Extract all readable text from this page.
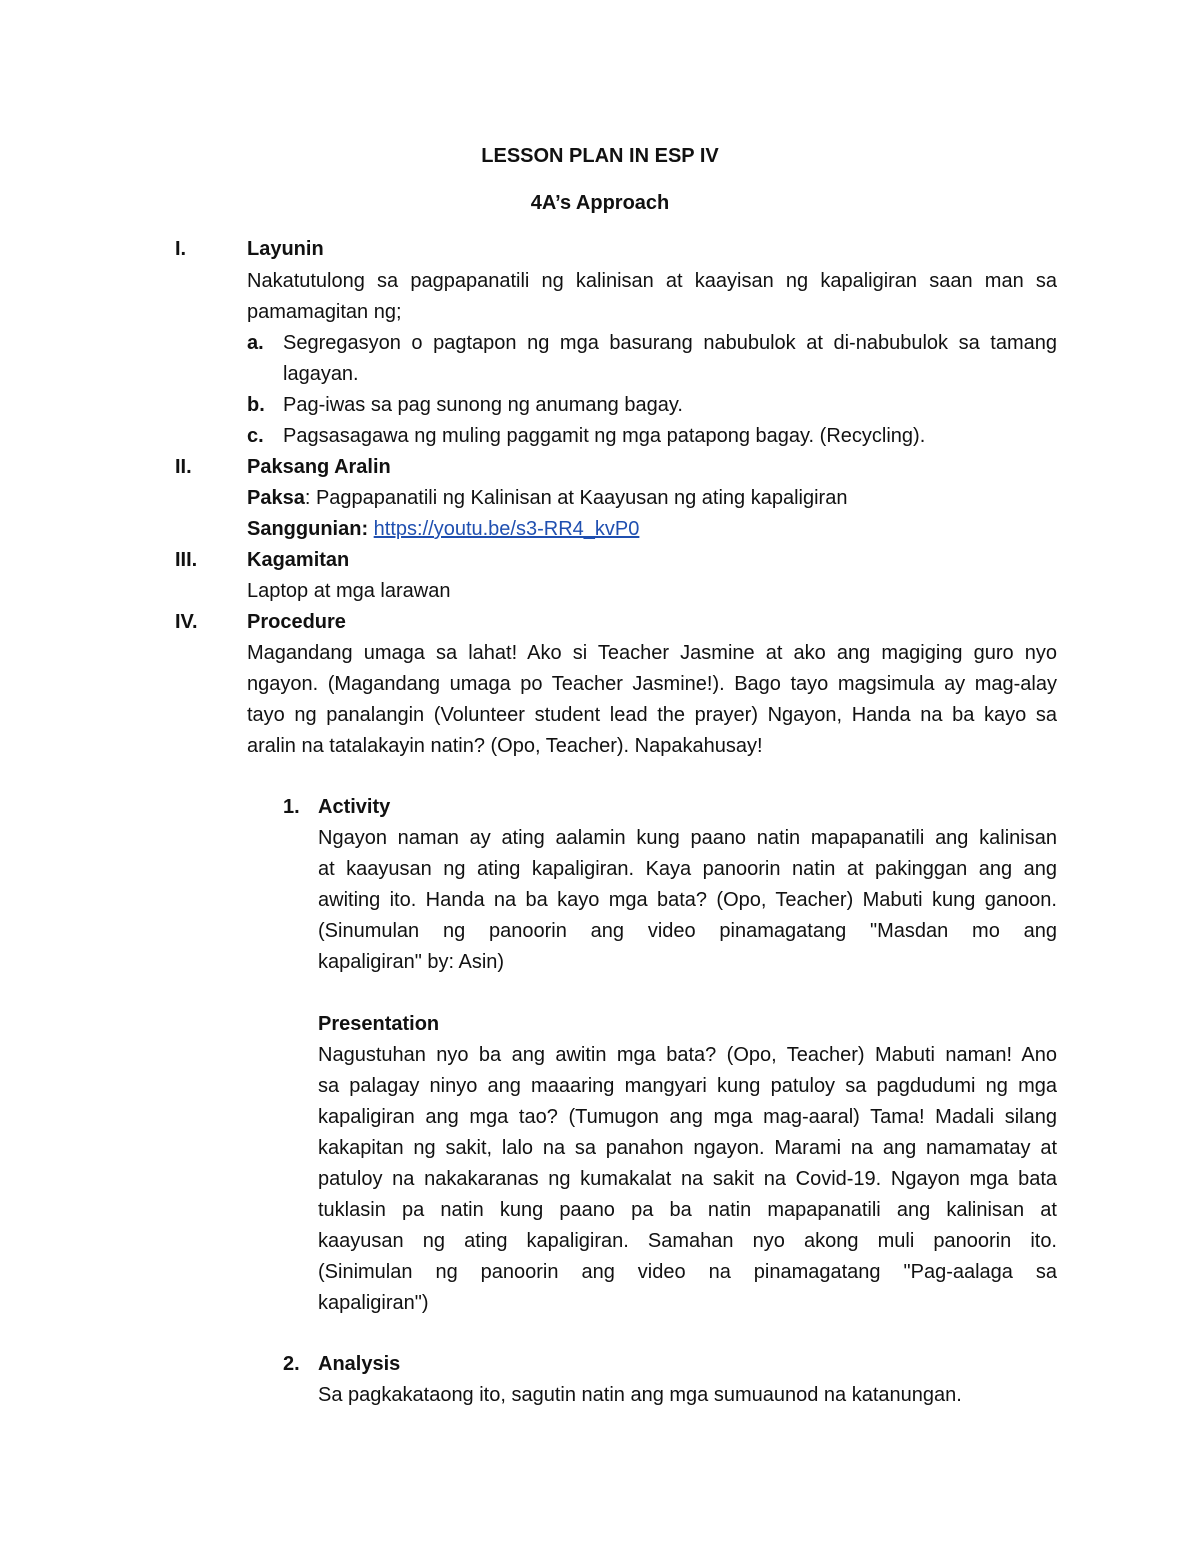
LESSON PLAN IN ESP IV
4A’s Approach
I.	Layunin
Nakatutulong sa pagpapanatili ng kalinisan at kaayisan ng kapaligiran saan man sa
pamamagitan ng;
a. Segregasyon o pagtapon ng mga basurang nabubulok at di-nabubulok sa tamang
lagayan.
b. Pag-iwas sa pag sunong ng anumang bagay.
c. Pagsasagawa ng muling paggamit ng mga patapong bagay. (Recycling).
II.	Paksang Aralin
Paksa: Pagpapanatili ng Kalinisan at Kaayusan ng ating kapaligiran
Sanggunian: https://youtu.be/s3-RR4_kvP0
III. Kagamitan
Laptop at mga larawan
IV. Procedure
Magandang umaga sa lahat! Ako si Teacher Jasmine at ako ang magiging guro nyo
ngayon. (Magandang umaga po Teacher Jasmine!). Bago tayo magsimula ay mag-alay
tayo ng panalangin (Volunteer student lead the prayer) Ngayon, Handa na ba kayo sa
aralin na tatalakayin natin? (Opo, Teacher). Napakahusay!
1. Activity
Ngayon naman ay ating aalamin kung paano natin mapapanatili ang kalinisan
at kaayusan ng ating kapaligiran. Kaya panoorin natin at pakinggan ang ang
awiting ito. Handa na ba kayo mga bata? (Opo, Teacher) Mabuti kung ganoon.
(Sinumulan ng panoorin ang video pinamagatang "Masdan mo ang
kapaligiran" by: Asin)
Presentation
Nagustuhan nyo ba ang awitin mga bata? (Opo, Teacher) Mabuti naman! Ano
sa palagay ninyo ang maaaring mangyari kung patuloy sa pagdudumi ng mga
kapaligiran ang mga tao? (Tumugon ang mga mag-aaral) Tama! Madali silang
kakapitan ng sakit, lalo na sa panahon ngayon. Marami na ang namamatay at
patuloy na nakakaranas ng kumakalat na sakit na Covid-19. Ngayon mga bata
tuklasin pa natin kung paano pa ba natin mapapanatili ang kalinisan at
kaayusan ng ating kapaligiran. Samahan nyo akong muli panoorin ito.
(Sinimulan ng panoorin ang video na pinamagatang "Pag-aalaga sa
kapaligiran")
2. Analysis
Sa pagkakataong ito, sagutin natin ang mga sumuaunod na katanungan.
